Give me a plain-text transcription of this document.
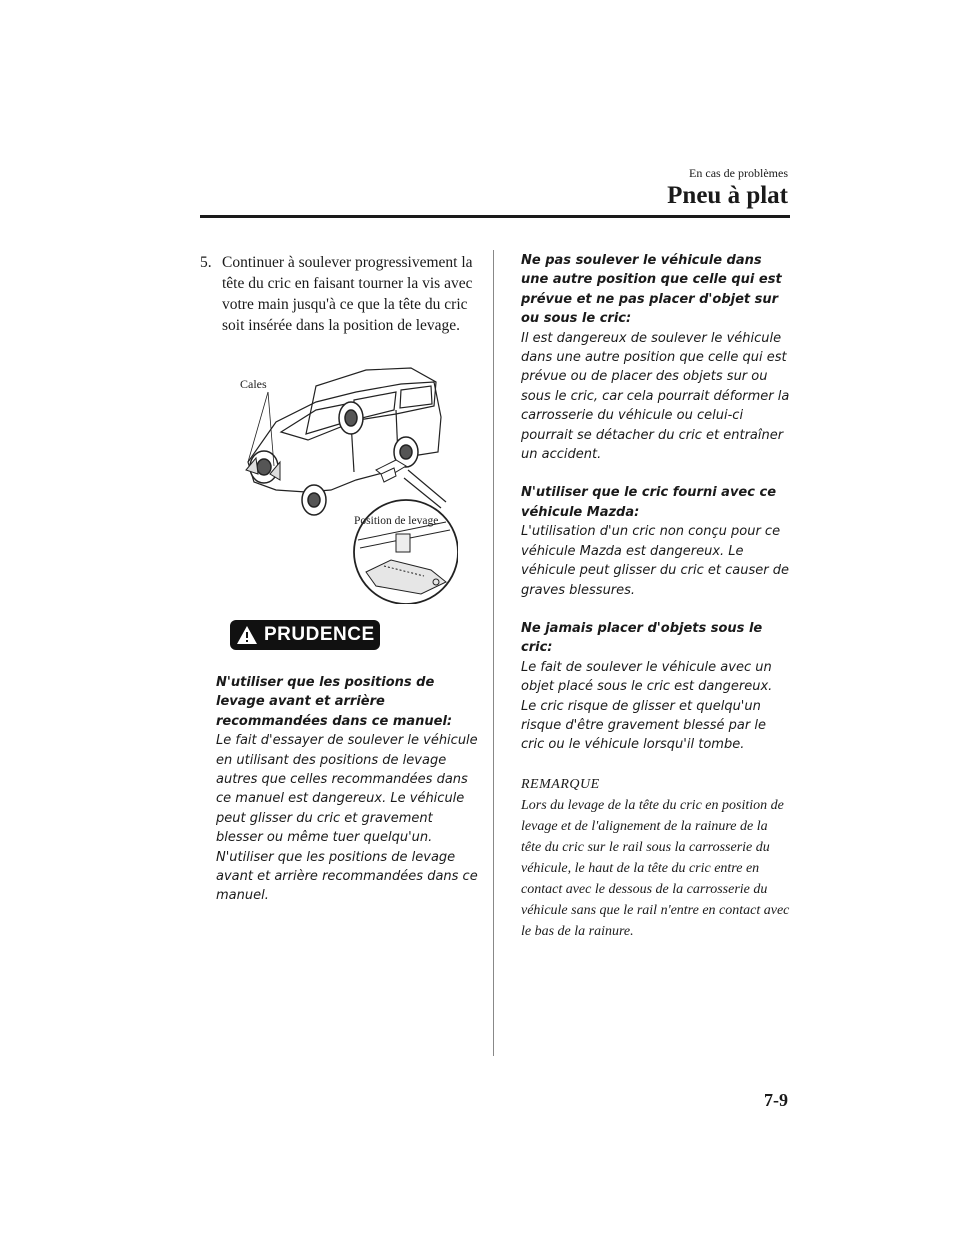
En cas de problèmes
Pneu à plat
5. Continuer à soulever progressivement la tête du cric en faisant tourner la vis avec votre main jusqu'à ce que la tête du cric soit insérée dans la position de levage.
Cales
Position de levage
PRUDENCE
N'utiliser que les positions de levage avant et arrière recommandées dans ce manuel:
Le fait d'essayer de soulever le véhicule en utilisant des positions de levage autres que celles recommandées dans ce manuel est dangereux. Le véhicule peut glisser du cric et gravement blesser ou même tuer quelqu'un. N'utiliser que les positions de levage avant et arrière recommandées dans ce manuel.
Ne pas soulever le véhicule dans une autre position que celle qui est prévue et ne pas placer d'objet sur ou sous le cric:
Il est dangereux de soulever le véhicule dans une autre position que celle qui est prévue ou de placer des objets sur ou sous le cric, car cela pourrait déformer la carrosserie du véhicule ou celui-ci pourrait se détacher du cric et entraîner un accident.
N'utiliser que le cric fourni avec ce véhicule Mazda:
L'utilisation d'un cric non conçu pour ce véhicule Mazda est dangereux. Le véhicule peut glisser du cric et causer de graves blessures.
Ne jamais placer d'objets sous le cric:
Le fait de soulever le véhicule avec un objet placé sous le cric est dangereux. Le cric risque de glisser et quelqu'un risque d'être gravement blessé par le cric ou le véhicule lorsqu'il tombe.
REMARQUE
Lors du levage de la tête du cric en position de levage et de l'alignement de la rainure de la tête du cric sur le rail sous la carrosserie du véhicule, le haut de la tête du cric entre en contact avec le dessous de la carrosserie du véhicule sans que le rail n'entre en contact avec le bas de la rainure.
7-9
